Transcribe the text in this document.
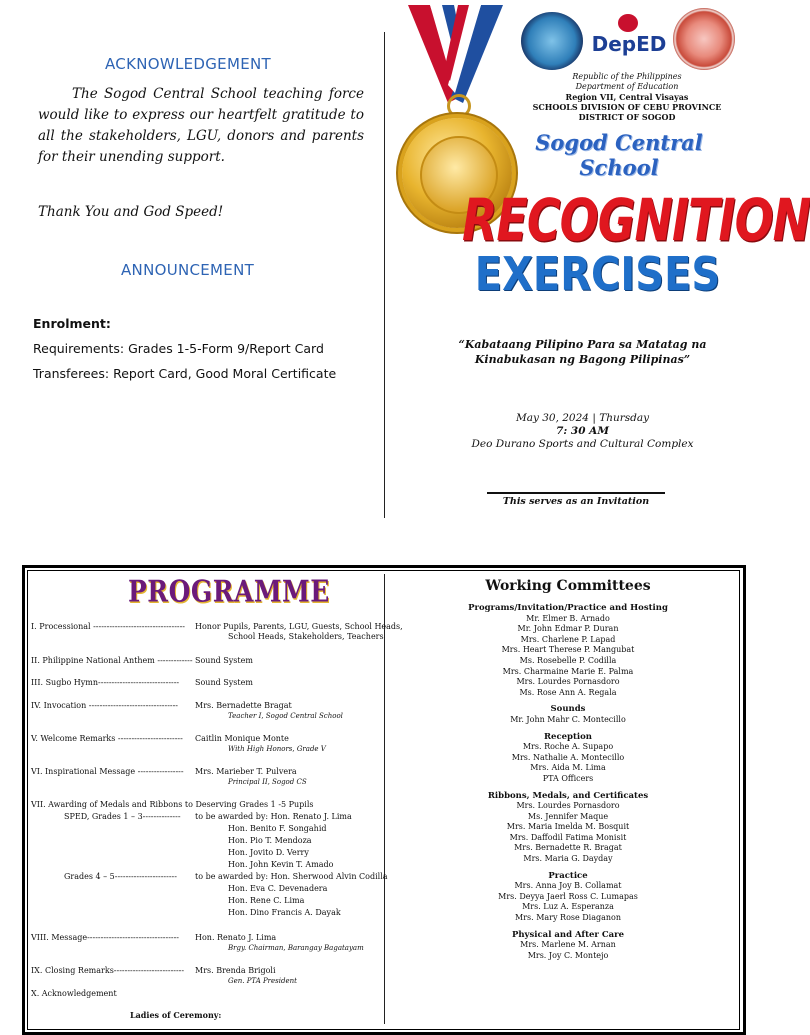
ACKNOWLEDGEMENT
The Sogod Central School teaching force would like to express our heartfelt gratitude to all the stakeholders, LGU, donors and parents for their unending support.
Thank You and God Speed!
ANNOUNCEMENT
Enrolment:
Requirements: Grades 1-5-Form 9/Report Card
Transferees: Report Card, Good Moral Certificate
DepED
Republic of the Philippines
Department of Education
Region VII, Central Visayas
SCHOOLS DIVISION OF CEBU PROVINCE
DISTRICT OF SOGOD
Sogod Central School
RECOGNITION
EXERCISES
“Kabataang Pilipino Para sa Matatag na
Kinabukasan ng Bagong Pilipinas”
May 30, 2024 | Thursday
7: 30 AM
Deo Durano Sports and Cultural Complex
This serves as an Invitation
PROGRAMME
I. Processional ---------------------------------- Honor Pupils, Parents, LGU, Guests, School Heads,
School Heads, Stakeholders, Teachers
II. Philippine National Anthem ------------- Sound System
III. Sugbo Hymn------------------------------ Sound System
IV. Invocation --------------------------------- Mrs. Bernadette Bragat
Teacher I, Sogod Central School
V. Welcome Remarks ------------------------ Caitlin Monique Monte
With High Honors, Grade V
VI. Inspirational Message ----------------- Mrs. Marieber T. Pulvera
Principal II, Sogod CS
VII. Awarding of Medals and Ribbons to Deserving Grades 1 -5 Pupils
SPED, Grades 1 – 3-------------- to be awarded by: Hon. Renato J. Lima
Hon. Benito F. Songahid
Hon. Pio T. Mendoza
Hon. Jovito D. Verry
Hon. John Kevin T. Amado
Grades 4 – 5----------------------- to be awarded by: Hon. Sherwood Alvin Codilla
Hon. Eva C. Devenadera
Hon. Rene C. Lima
Hon. Dino Francis A. Dayak
VIII. Message---------------------------------- Hon. Renato J. Lima
Brgy. Chairman, Barangay Bagatayam
IX. Closing Remarks-------------------------- Mrs. Brenda Brigoli
Gen. PTA President
X. Acknowledgement
Ladies of Ceremony:
Working Committees
Programs/Invitation/Practice and Hosting
Mr. Elmer B. Arnado
Mr. John Edmar P. Duran
Mrs. Charlene P. Lapad
Mrs. Heart Therese P. Mangubat
Ms. Rosebelle P. Codilla
Mrs. Charmaine Marie E. Palma
Mrs. Lourdes Pornasdoro
Ms. Rose Ann A. Regala
Sounds
Mr. John Mahr C. Montecillo
Reception
Mrs. Roche A. Supapo
Mrs. Nathalie A. Montecillo
Mrs. Aida M. Lima
PTA Officers
Ribbons, Medals, and Certificates
Mrs. Lourdes Pornasdoro
Ms. Jennifer Maque
Mrs. Maria Imelda M. Bosquit
Mrs. Daffodil Fatima Monisit
Mrs. Bernadette R. Bragat
Mrs. Maria G. Dayday
Practice
Mrs. Anna Joy B. Collamat
Mrs. Deyya Jaerl Ross C. Lumapas
Mrs. Luz A. Esperanza
Mrs. Mary Rose Diaganon
Physical and After Care
Mrs. Marlene M. Arnan
Mrs. Joy C. Montejo
